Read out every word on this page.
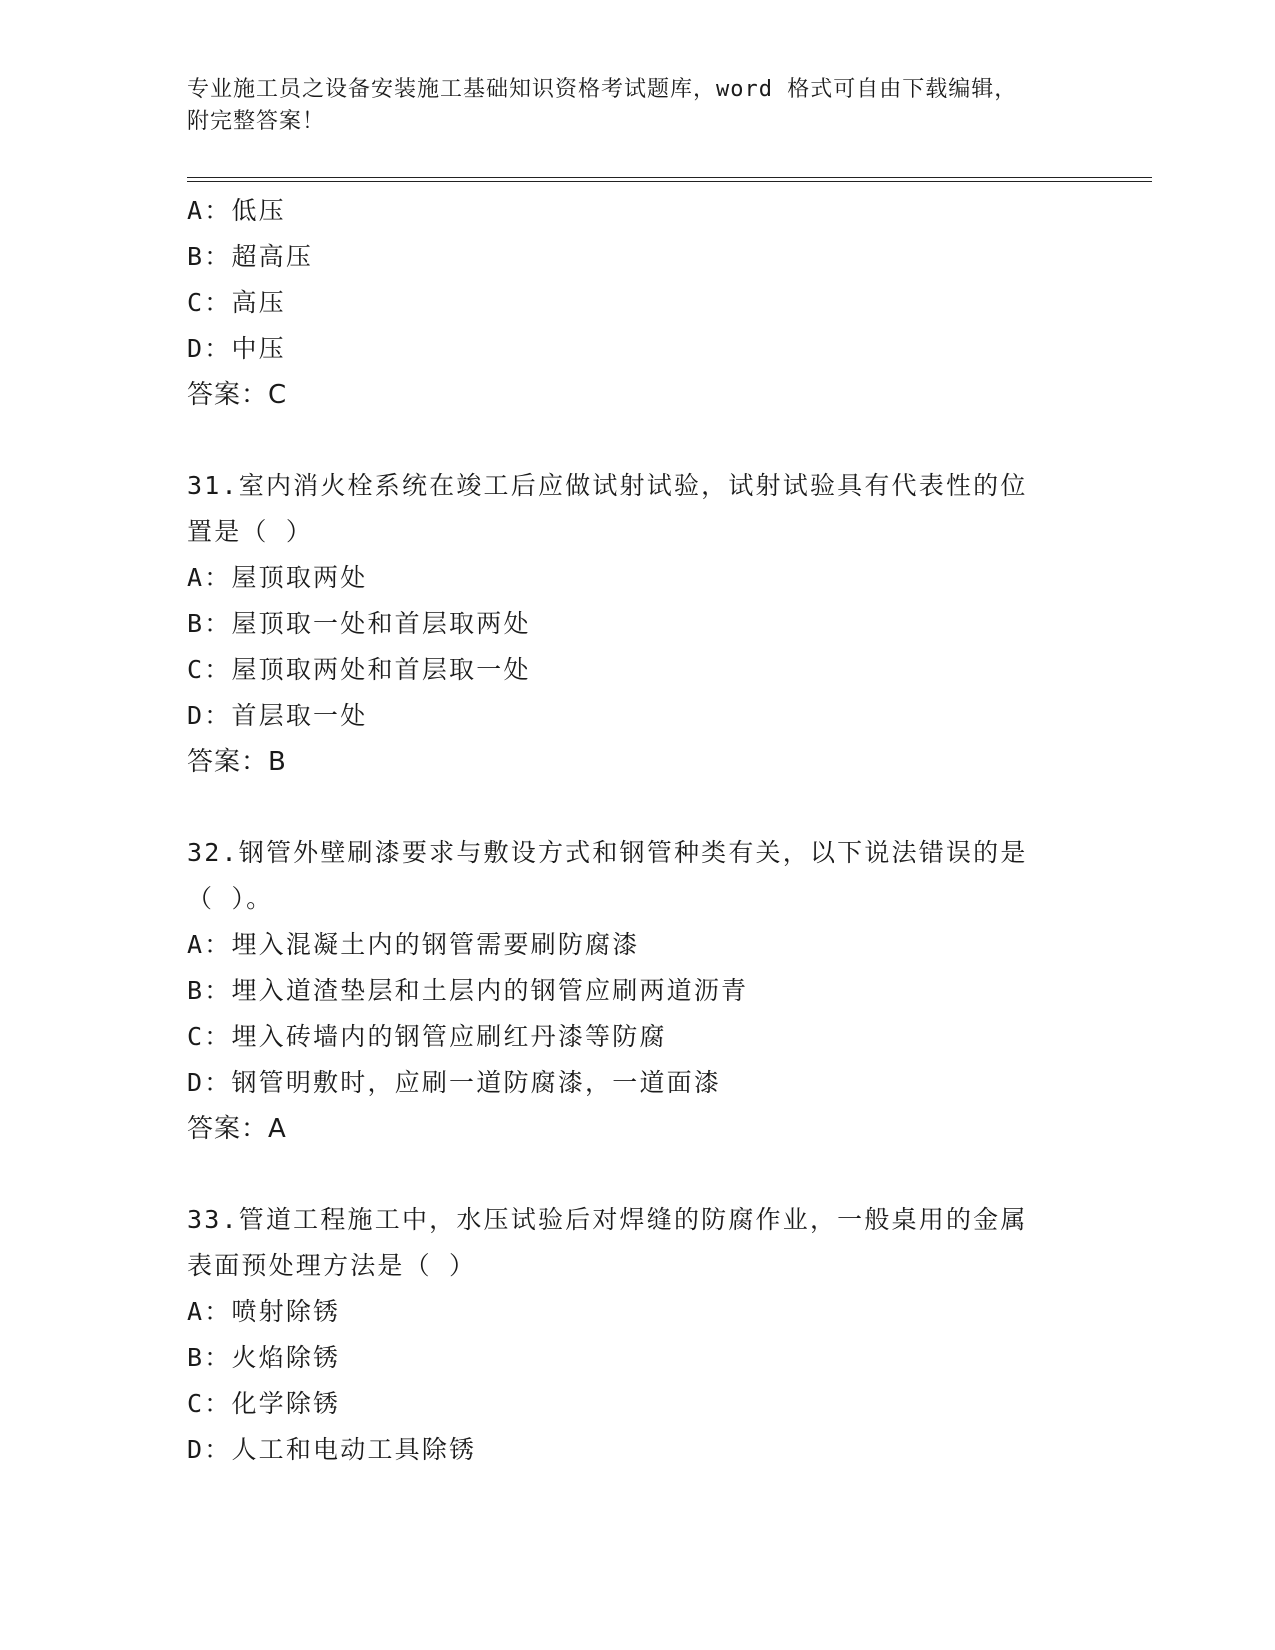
专业施工员之设备安装施工基础知识资格考试题库，word 格式可自由下载编辑，
附完整答案！
A：低压
B：超高压
C：高压
D：中压
答案：C
31.室内消火栓系统在竣工后应做试射试验，试射试验具有代表性的位
置是（ ）
A：屋顶取两处
B：屋顶取一处和首层取两处
C：屋顶取两处和首层取一处
D：首层取一处
答案：B
32.钢管外壁刷漆要求与敷设方式和钢管种类有关，以下说法错误的是
（ ）。
A：埋入混凝土内的钢管需要刷防腐漆
B：埋入道渣垫层和土层内的钢管应刷两道沥青
C：埋入砖墙内的钢管应刷红丹漆等防腐
D：钢管明敷时，应刷一道防腐漆，一道面漆
答案：A
33.管道工程施工中，水压试验后对焊缝的防腐作业，一般桌用的金属
表面预处理方法是（ ）
A：喷射除锈
B：火焰除锈
C：化学除锈
D：人工和电动工具除锈
